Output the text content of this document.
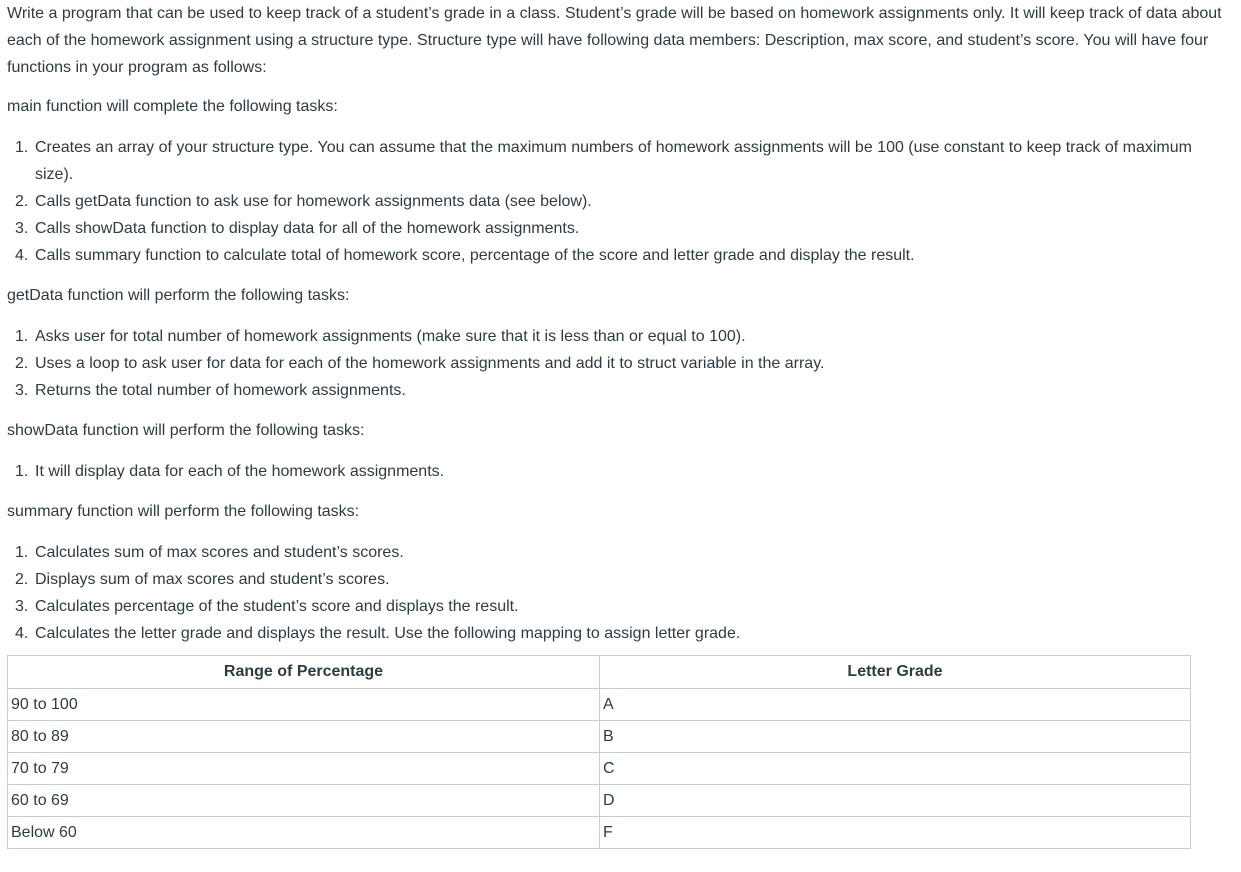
Write a program that can be used to keep track of a student’s grade in a class. Student’s grade will be based on homework assignments only. It will keep track of data about each of the homework assignment using a structure type. Structure type will have following data members: Description, max score, and student’s score. You will have four functions in your program as follows:

main function will complete the following tasks:

1. Creates an array of your structure type. You can assume that the maximum numbers of homework assignments will be 100 (use constant to keep track of maximum size).
2. Calls getData function to ask use for homework assignments data (see below).
3. Calls showData function to display data for all of the homework assignments.
4. Calls summary function to calculate total of homework score, percentage of the score and letter grade and display the result.

getData function will perform the following tasks:

1. Asks user for total number of homework assignments (make sure that it is less than or equal to 100).
2. Uses a loop to ask user for data for each of the homework assignments and add it to struct variable in the array.
3. Returns the total number of homework assignments.

showData function will perform the following tasks:

1. It will display data for each of the homework assignments.

summary function will perform the following tasks:

1. Calculates sum of max scores and student’s scores.
2. Displays sum of max scores and student’s scores.
3. Calculates percentage of the student’s score and displays the result.
4. Calculates the letter grade and displays the result. Use the following mapping to assign letter grade.
Range of Percentage	Letter Grade
90 to 100	A
80 to 89	B
70 to 79	C
60 to 69	D
Below 60	F
